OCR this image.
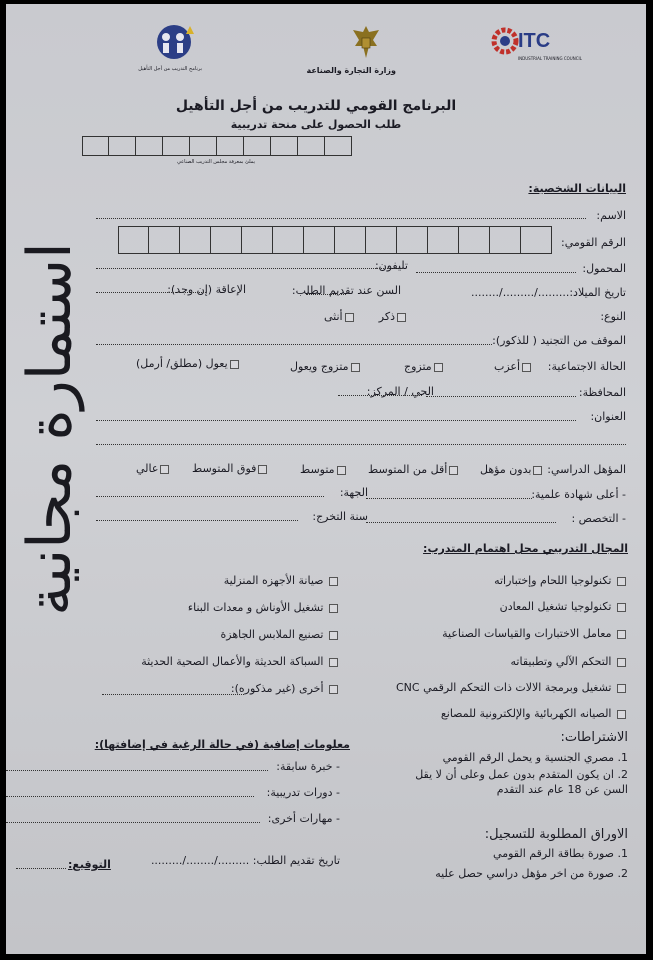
برنامج التدريب من أجل التأهيل	وزارة التجارة والصناعة
ITC
INDUSTRIAL TRAINING COUNCIL
البرنامج القومي للتدريب من أجل التأهيل
طلب الحصول على منحة تدريبية
يملئ بمعرفة مجلس التدريب الصناعي
استمارة مجانية
البيانات الشخصية:
الاسم:
الرقم القومي:
المحمول:
تليفون:
تاريخ الميلاد:........./........./........
السن عند تقديم الطلب:
الإعاقة (إن وجد):
النوع:
ذكر
أنثى
الموقف من التجنيد ( للذكور):
الحالة الاجتماعية:
أعزب
متزوج
متزوج ويعول
يعول (مطلق/ أرمل)
المحافظة:
الحي / المركز:
العنوان:
المؤهل الدراسي:
بدون مؤهل
أقل من المتوسط
متوسط
فوق المتوسط
عالي
- أعلى شهادة علمية:
الجهة:
- التخصص :
سنة التخرج:
المجال التدريبي محل اهتمام المتدرب:
تكنولوجيا اللحام وإختباراته
تكنولوجيا تشغيل المعادن
معامل الاختبارات والقياسات الصناعية
التحكم الآلي وتطبيقاته
تشغيل وبرمجة الالات ذات التحكم الرقمي CNC
الصيانه الكهربائية والإلكترونية للمصانع
صيانة الأجهزه المنزلية
تشغيل الأوناش و معدات البناء
تصنيع الملابس الجاهزة
السباكة الحديثة والأعمال الصحية الحديثة
أخرى (غير مذكوره):
الاشتراطات:
1. مصري الجنسية و يحمل الرقم القومي
2. ان يكون المتقدم بدون عمل وعلى أن لا يقل السن عن 18 عام عند التقدم
معلومات إضافية (في حالة الرغبة في إضافتها):
- خبرة سابقة:
- دورات تدريبية:
- مهارات أخرى:
الاوراق المطلوبة للتسجيل:
1. صورة بطاقة الرقم القومي
2. صورة من اخر مؤهل دراسي حصل عليه
تاريخ تقديم الطلب: ........./......../.........
التوقيع:
